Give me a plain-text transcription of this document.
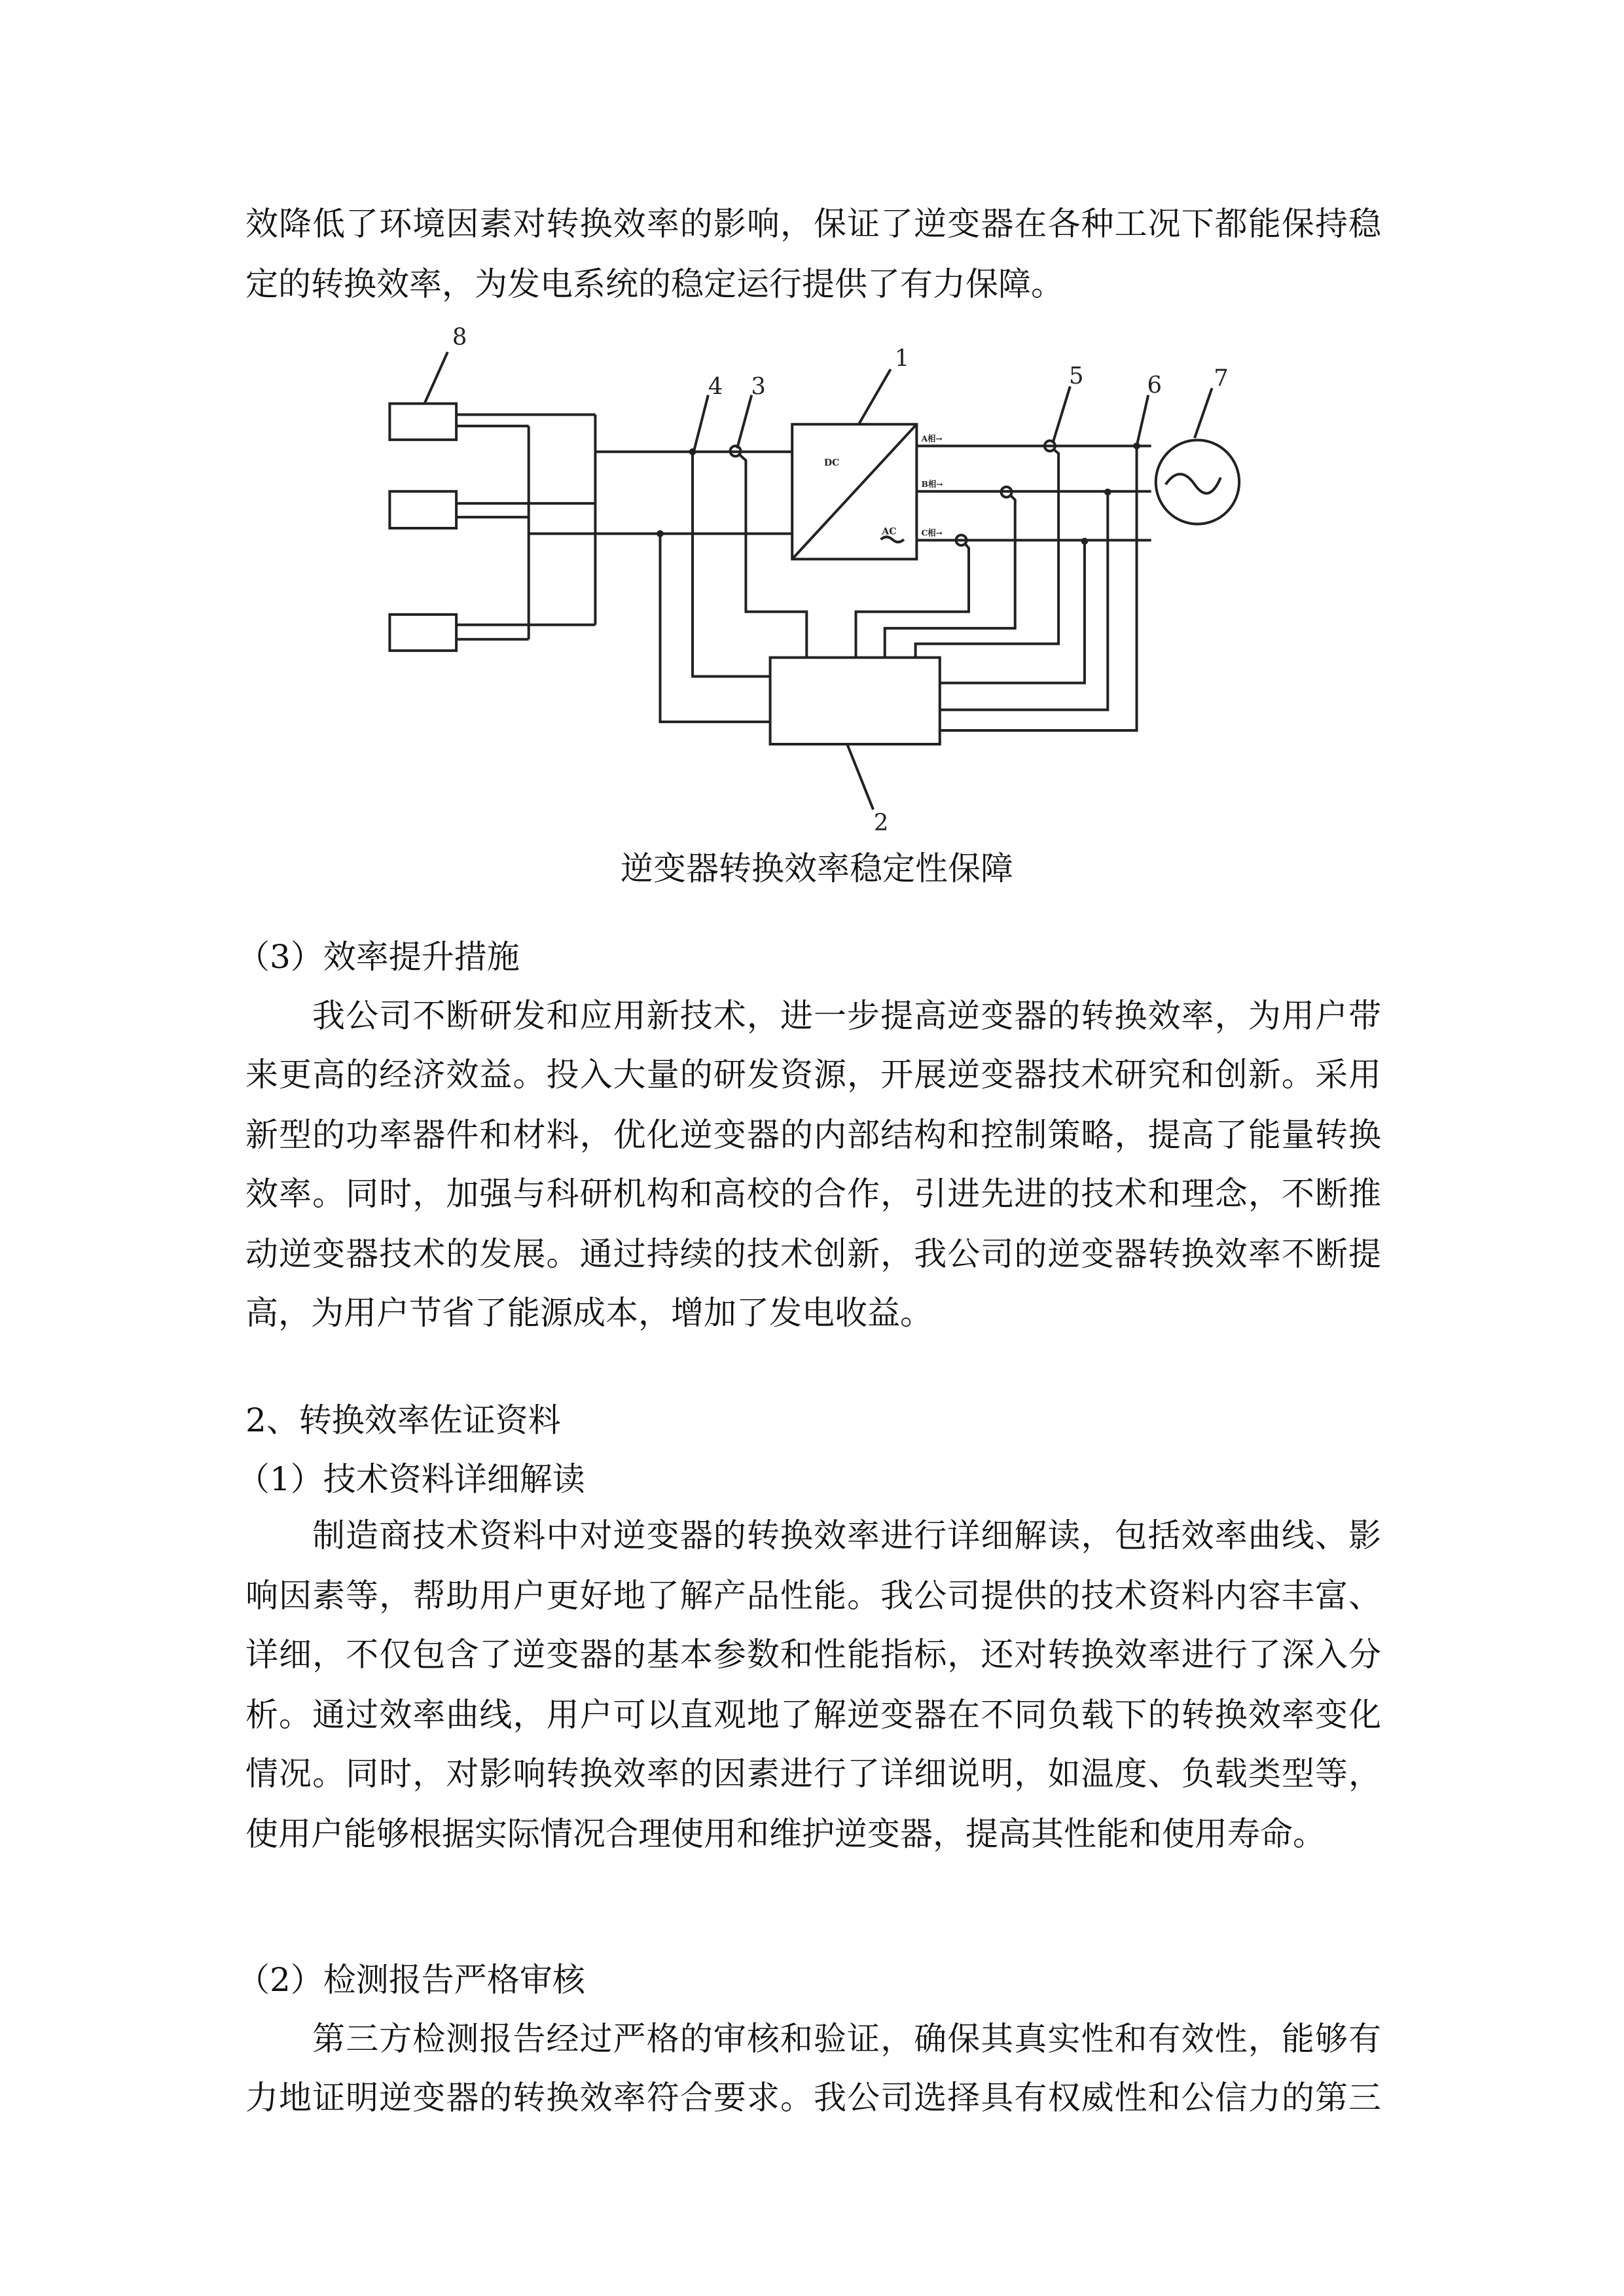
效降低了环境因素对转换效率的影响，保证了逆变器在各种工况下都能保持稳
定的转换效率，为发电系统的稳定运行提供了有力保障。
DC
AC
A相→
B相→
C相→
8
1
4 3	5 6 7
2
逆变器转换效率稳定性保障
（3）效率提升措施
我公司不断研发和应用新技术，进一步提高逆变器的转换效率，为用户带
来更高的经济效益。投入大量的研发资源，开展逆变器技术研究和创新。采用
新型的功率器件和材料，优化逆变器的内部结构和控制策略，提高了能量转换
效率。同时，加强与科研机构和高校的合作，引进先进的技术和理念，不断推
动逆变器技术的发展。通过持续的技术创新，我公司的逆变器转换效率不断提
高，为用户节省了能源成本，增加了发电收益。
2、转换效率佐证资料
（1）技术资料详细解读
制造商技术资料中对逆变器的转换效率进行详细解读，包括效率曲线、影
响因素等，帮助用户更好地了解产品性能。我公司提供的技术资料内容丰富、
详细，不仅包含了逆变器的基本参数和性能指标，还对转换效率进行了深入分
析。通过效率曲线，用户可以直观地了解逆变器在不同负载下的转换效率变化
情况。同时，对影响转换效率的因素进行了详细说明，如温度、负载类型等，
使用户能够根据实际情况合理使用和维护逆变器，提高其性能和使用寿命。
（2）检测报告严格审核
第三方检测报告经过严格的审核和验证，确保其真实性和有效性，能够有
力地证明逆变器的转换效率符合要求。我公司选择具有权威性和公信力的第三
